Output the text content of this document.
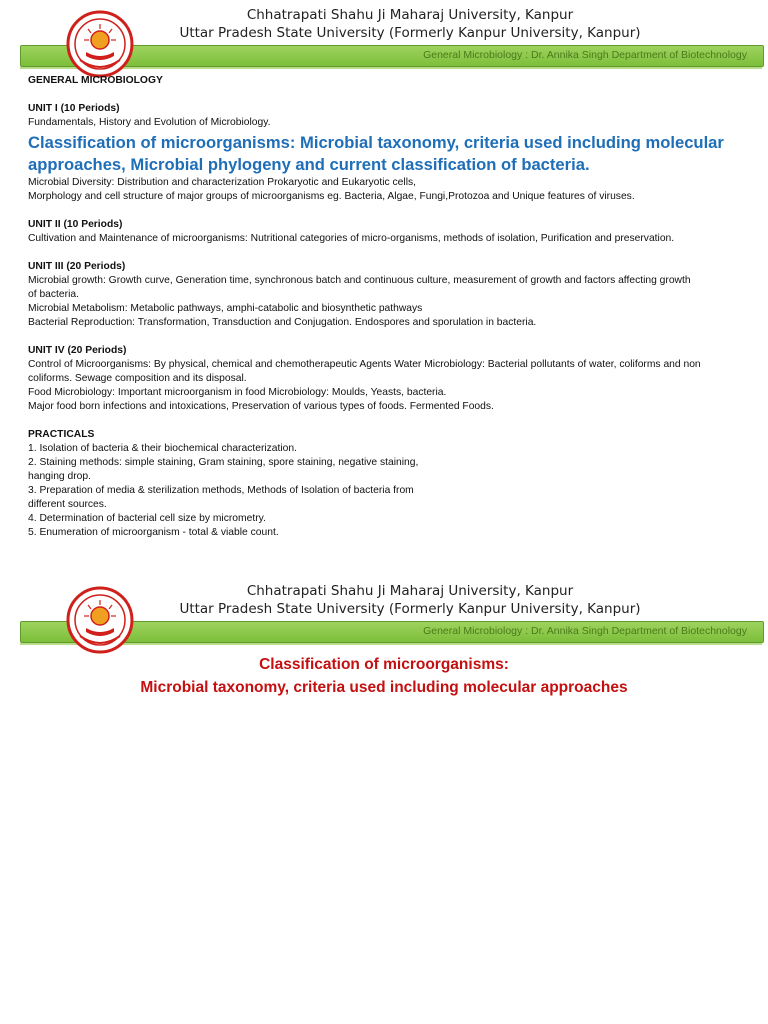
General Microbiology : Dr. Annika Singh Department of Biotechnology
Chhatrapati Shahu Ji Maharaj University, Kanpur
Uttar Pradesh State University (Formerly Kanpur University, Kanpur)
GENERAL MICROBIOLOGY
UNIT I (10 Periods)
Fundamentals, History and Evolution of Microbiology.
Classification of microorganisms: Microbial taxonomy, criteria used including molecular
approaches, Microbial phylogeny and current classification of bacteria.
Microbial Diversity: Distribution and characterization Prokaryotic and Eukaryotic cells,
Morphology and cell structure of major groups of microorganisms eg. Bacteria, Algae, Fungi,Protozoa and Unique features of viruses.
UNIT II (10 Periods)
Cultivation and Maintenance of microorganisms: Nutritional categories of micro-organisms, methods of isolation, Purification and preservation.
UNIT III (20 Periods)
Microbial growth: Growth curve, Generation time, synchronous batch and continuous culture, measurement of growth and factors affecting growth
of bacteria.
Microbial Metabolism: Metabolic pathways, amphi-catabolic and biosynthetic pathways
Bacterial Reproduction: Transformation, Transduction and Conjugation. Endospores and sporulation in bacteria.
UNIT IV (20 Periods)
Control of Microorganisms: By physical, chemical and chemotherapeutic Agents Water Microbiology: Bacterial pollutants of water, coliforms and non
coliforms. Sewage composition and its disposal.
Food Microbiology: Important microorganism in food Microbiology: Moulds, Yeasts, bacteria.
Major food born infections and intoxications, Preservation of various types of foods. Fermented Foods.
PRACTICALS
1. Isolation of bacteria & their biochemical characterization.
2. Staining methods: simple staining, Gram staining, spore staining, negative staining,
hanging drop.
3. Preparation of media & sterilization methods, Methods of Isolation of bacteria from
different sources.
4. Determination of bacterial cell size by micrometry.
5. Enumeration of microorganism - total & viable count.
General Microbiology : Dr. Annika Singh Department of Biotechnology
Chhatrapati Shahu Ji Maharaj University, Kanpur
Uttar Pradesh State University (Formerly Kanpur University, Kanpur)
Classification of microorganisms:
Microbial taxonomy, criteria used including molecular approaches
